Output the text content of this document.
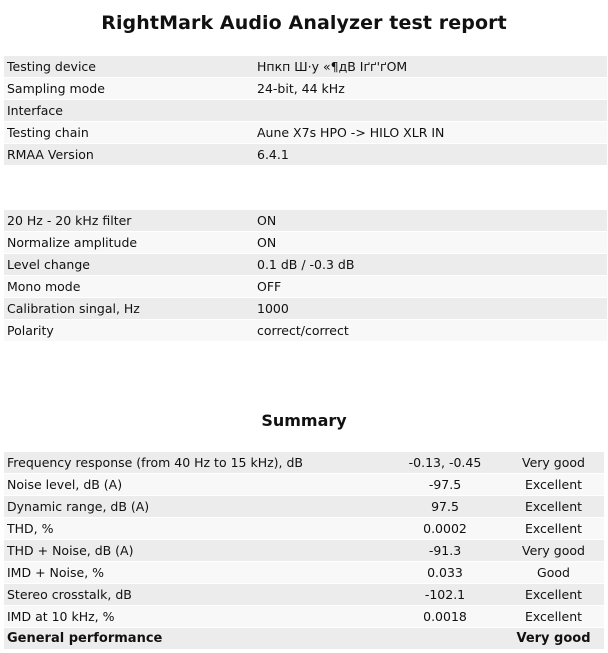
RightMark Audio Analyzer test report
Testing device	Нпкп Ш·у «¶дВ Іґґ'ґОМ
Sampling mode	24-bit, 44 kHz
Interface	
Testing chain	Aune X7s HPO -> HILO XLR IN
RMAA Version	6.4.1
20 Hz - 20 kHz filter	ON
Normalize amplitude	ON
Level change	0.1 dB / -0.3 dB
Mono mode	OFF
Calibration singal, Hz	1000
Polarity	correct/correct
Summary
Frequency response (from 40 Hz to 15 kHz), dB	-0.13, -0.45	Very good
Noise level, dB (A)	-97.5	Excellent
Dynamic range, dB (A)	97.5	Excellent
THD, %	0.0002	Excellent
THD + Noise, dB (A)	-91.3	Very good
IMD + Noise, %	0.033	Good
Stereo crosstalk, dB	-102.1	Excellent
IMD at 10 kHz, %	0.0018	Excellent
General performance		Very good
